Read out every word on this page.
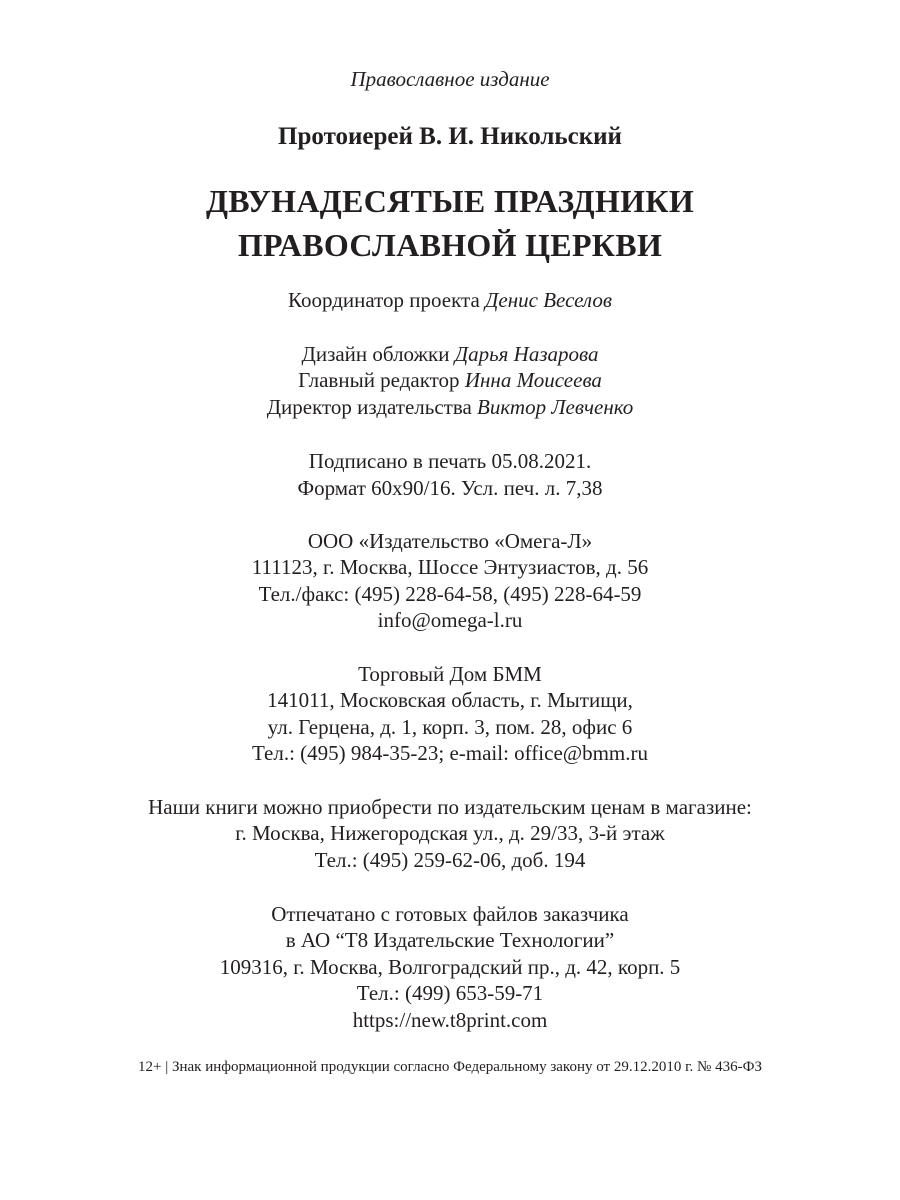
Православное издание
Протоиерей В. И. Никольский
ДВУНАДЕСЯТЫЕ ПРАЗДНИКИ
ПРАВОСЛАВНОЙ ЦЕРКВИ
Координатор проекта Денис Веселов
Дизайн обложки Дарья Назарова
Главный редактор Инна Моисеева
Директор издательства Виктор Левченко
Подписано в печать 05.08.2021.
Формат 60x90/16. Усл. печ. л. 7,38
ООО «Издательство «Омега-Л»
111123, г. Москва, Шоссе Энтузиастов, д. 56
Тел./факс: (495) 228-64-58, (495) 228-64-59
info@omega-l.ru
Торговый Дом БММ
141011, Московская область, г. Мытищи,
ул. Герцена, д. 1, корп. 3, пом. 28, офис 6
Тел.: (495) 984-35-23; e-mail: office@bmm.ru
Наши книги можно приобрести по издательским ценам в магазине:
г. Москва, Нижегородская ул., д. 29/33, 3-й этаж
Тел.: (495) 259-62-06, доб. 194
Отпечатано с готовых файлов заказчика
в АО “Т8 Издательские Технологии”
109316, г. Москва, Волгоградский пр., д. 42, корп. 5
Тел.: (499) 653-59-71
https://new.t8print.com
12+ | Знак информационной продукции согласно Федеральному закону от 29.12.2010 г. № 436-ФЗ
